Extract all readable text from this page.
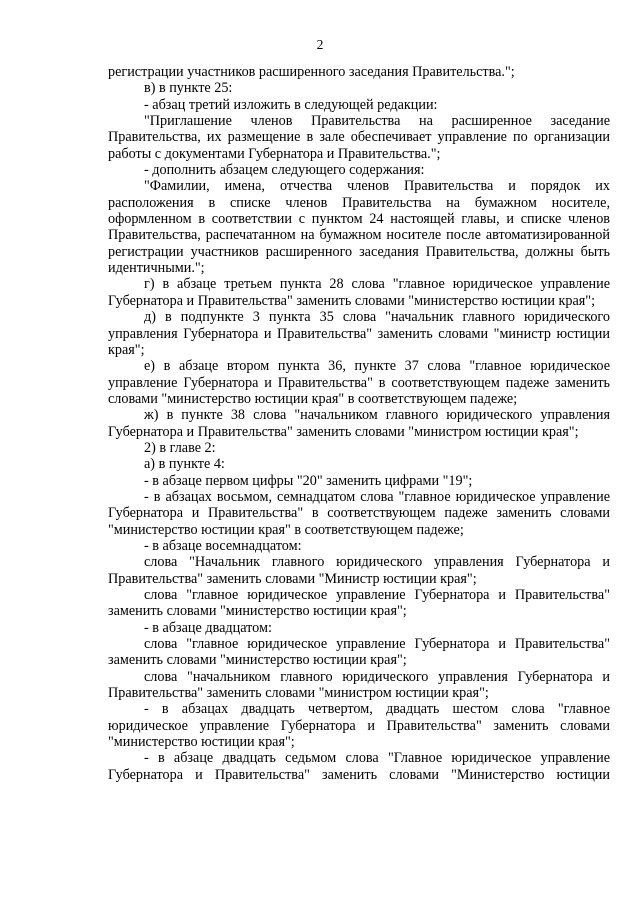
2

регистрации участников расширенного заседания Правительства.";

в) в пункте 25:

- абзац третий изложить в следующей редакции:

"Приглашение членов Правительства на расширенное заседание Правительства, их размещение в зале обеспечивает управление по организации работы с документами Губернатора и Правительства.";

- дополнить абзацем следующего содержания:

"Фамилии, имена, отчества членов Правительства и порядок их расположения в списке членов Правительства на бумажном носителе, оформленном в соответствии с пунктом 24 настоящей главы, и списке членов Правительства, распечатанном на бумажном носителе после автоматизированной регистрации участников расширенного заседания Правительства, должны быть идентичными.";

г) в абзаце третьем пункта 28 слова "главное юридическое управление Губернатора и Правительства" заменить словами "министерство юстиции края";

д) в подпункте 3 пункта 35 слова "начальник главного юридического управления Губернатора и Правительства" заменить словами "министр юстиции края";

е) в абзаце втором пункта 36, пункте 37 слова "главное юридическое управление Губернатора и Правительства" в соответствующем падеже заменить словами "министерство юстиции края" в соответствующем падеже;

ж) в пункте 38 слова "начальником главного юридического управления Губернатора и Правительства" заменить словами "министром юстиции края";

2) в главе 2:

а) в пункте 4:

- в абзаце первом цифры "20" заменить цифрами "19";

- в абзацах восьмом, семнадцатом слова "главное юридическое управление Губернатора и Правительства" в соответствующем падеже заменить словами "министерство юстиции края" в соответствующем падеже;

- в абзаце восемнадцатом:

слова "Начальник главного юридического управления Губернатора и Правительства" заменить словами "Министр юстиции края";

слова "главное юридическое управление Губернатора и Правительства" заменить словами "министерство юстиции края";

- в абзаце двадцатом:

слова "главное юридическое управление Губернатора и Правительства" заменить словами "министерство юстиции края";

слова "начальником главного юридического управления Губернатора и Правительства" заменить словами "министром юстиции края";

- в абзацах двадцать четвертом, двадцать шестом слова "главное юридическое управление Губернатора и Правительства" заменить словами "министерство юстиции края";

- в абзаце двадцать седьмом слова "Главное юридическое управление Губернатора и Правительства" заменить словами "Министерство юстиции
